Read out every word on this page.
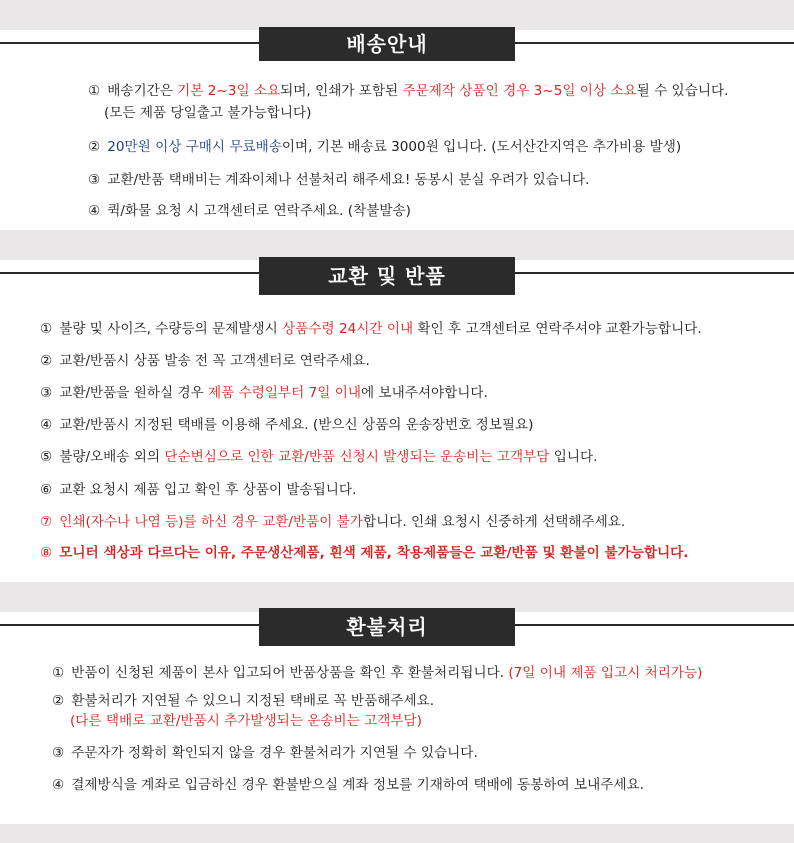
배송안내
① 배송기간은 기본 2~3일 소요되며, 인쇄가 포함된 주문제작 상품인 경우 3~5일 이상 소요될 수 있습니다.
(모든 제품 당일출고 불가능합니다)
② 20만원 이상 구매시 무료배송이며, 기본 배송료 3000원 입니다. (도서산간지역은 추가비용 발생)
③ 교환/반품 택배비는 계좌이체나 선불처리 해주세요! 동봉시 분실 우려가 있습니다.
④ 퀵/화물 요청 시 고객센터로 연락주세요. (착불발송)
교환 및 반품
① 불량 및 사이즈, 수량등의 문제발생시 상품수령 24시간 이내 확인 후 고객센터로 연락주셔야 교환가능합니다.
② 교환/반품시 상품 발송 전 꼭 고객센터로 연락주세요.
③ 교환/반품을 원하실 경우 제품 수령일부터 7일 이내에 보내주셔야합니다.
④ 교환/반품시 지정된 택배를 이용해 주세요. (받으신 상품의 운송장번호 정보필요)
⑤ 불량/오배송 외의 단순변심으로 인한 교환/반품 신청시 발생되는 운송비는 고객부담 입니다.
⑥ 교환 요청시 제품 입고 확인 후 상품이 발송됩니다.
⑦ 인쇄(자수나 나염 등)를 하신 경우 교환/반품이 불가합니다. 인쇄 요청시 신중하게 선택해주세요.
⑧ 모니터 색상과 다르다는 이유, 주문생산제품, 흰색 제품, 착용제품들은 교환/반품 및 환불이 불가능합니다.
환불처리
① 반품이 신청된 제품이 본사 입고되어 반품상품을 확인 후 환불처리됩니다. (7일 이내 제품 입고시 처리가능)
② 환불처리가 지연될 수 있으니 지정된 택배로 꼭 반품해주세요.
(다른 택배로 교환/반품시 추가발생되는 운송비는 고객부담)
③ 주문자가 정확히 확인되지 않을 경우 환불처리가 지연될 수 있습니다.
④ 결제방식을 계좌로 입금하신 경우 환불받으실 계좌 정보를 기재하여 택배에 동봉하여 보내주세요.
